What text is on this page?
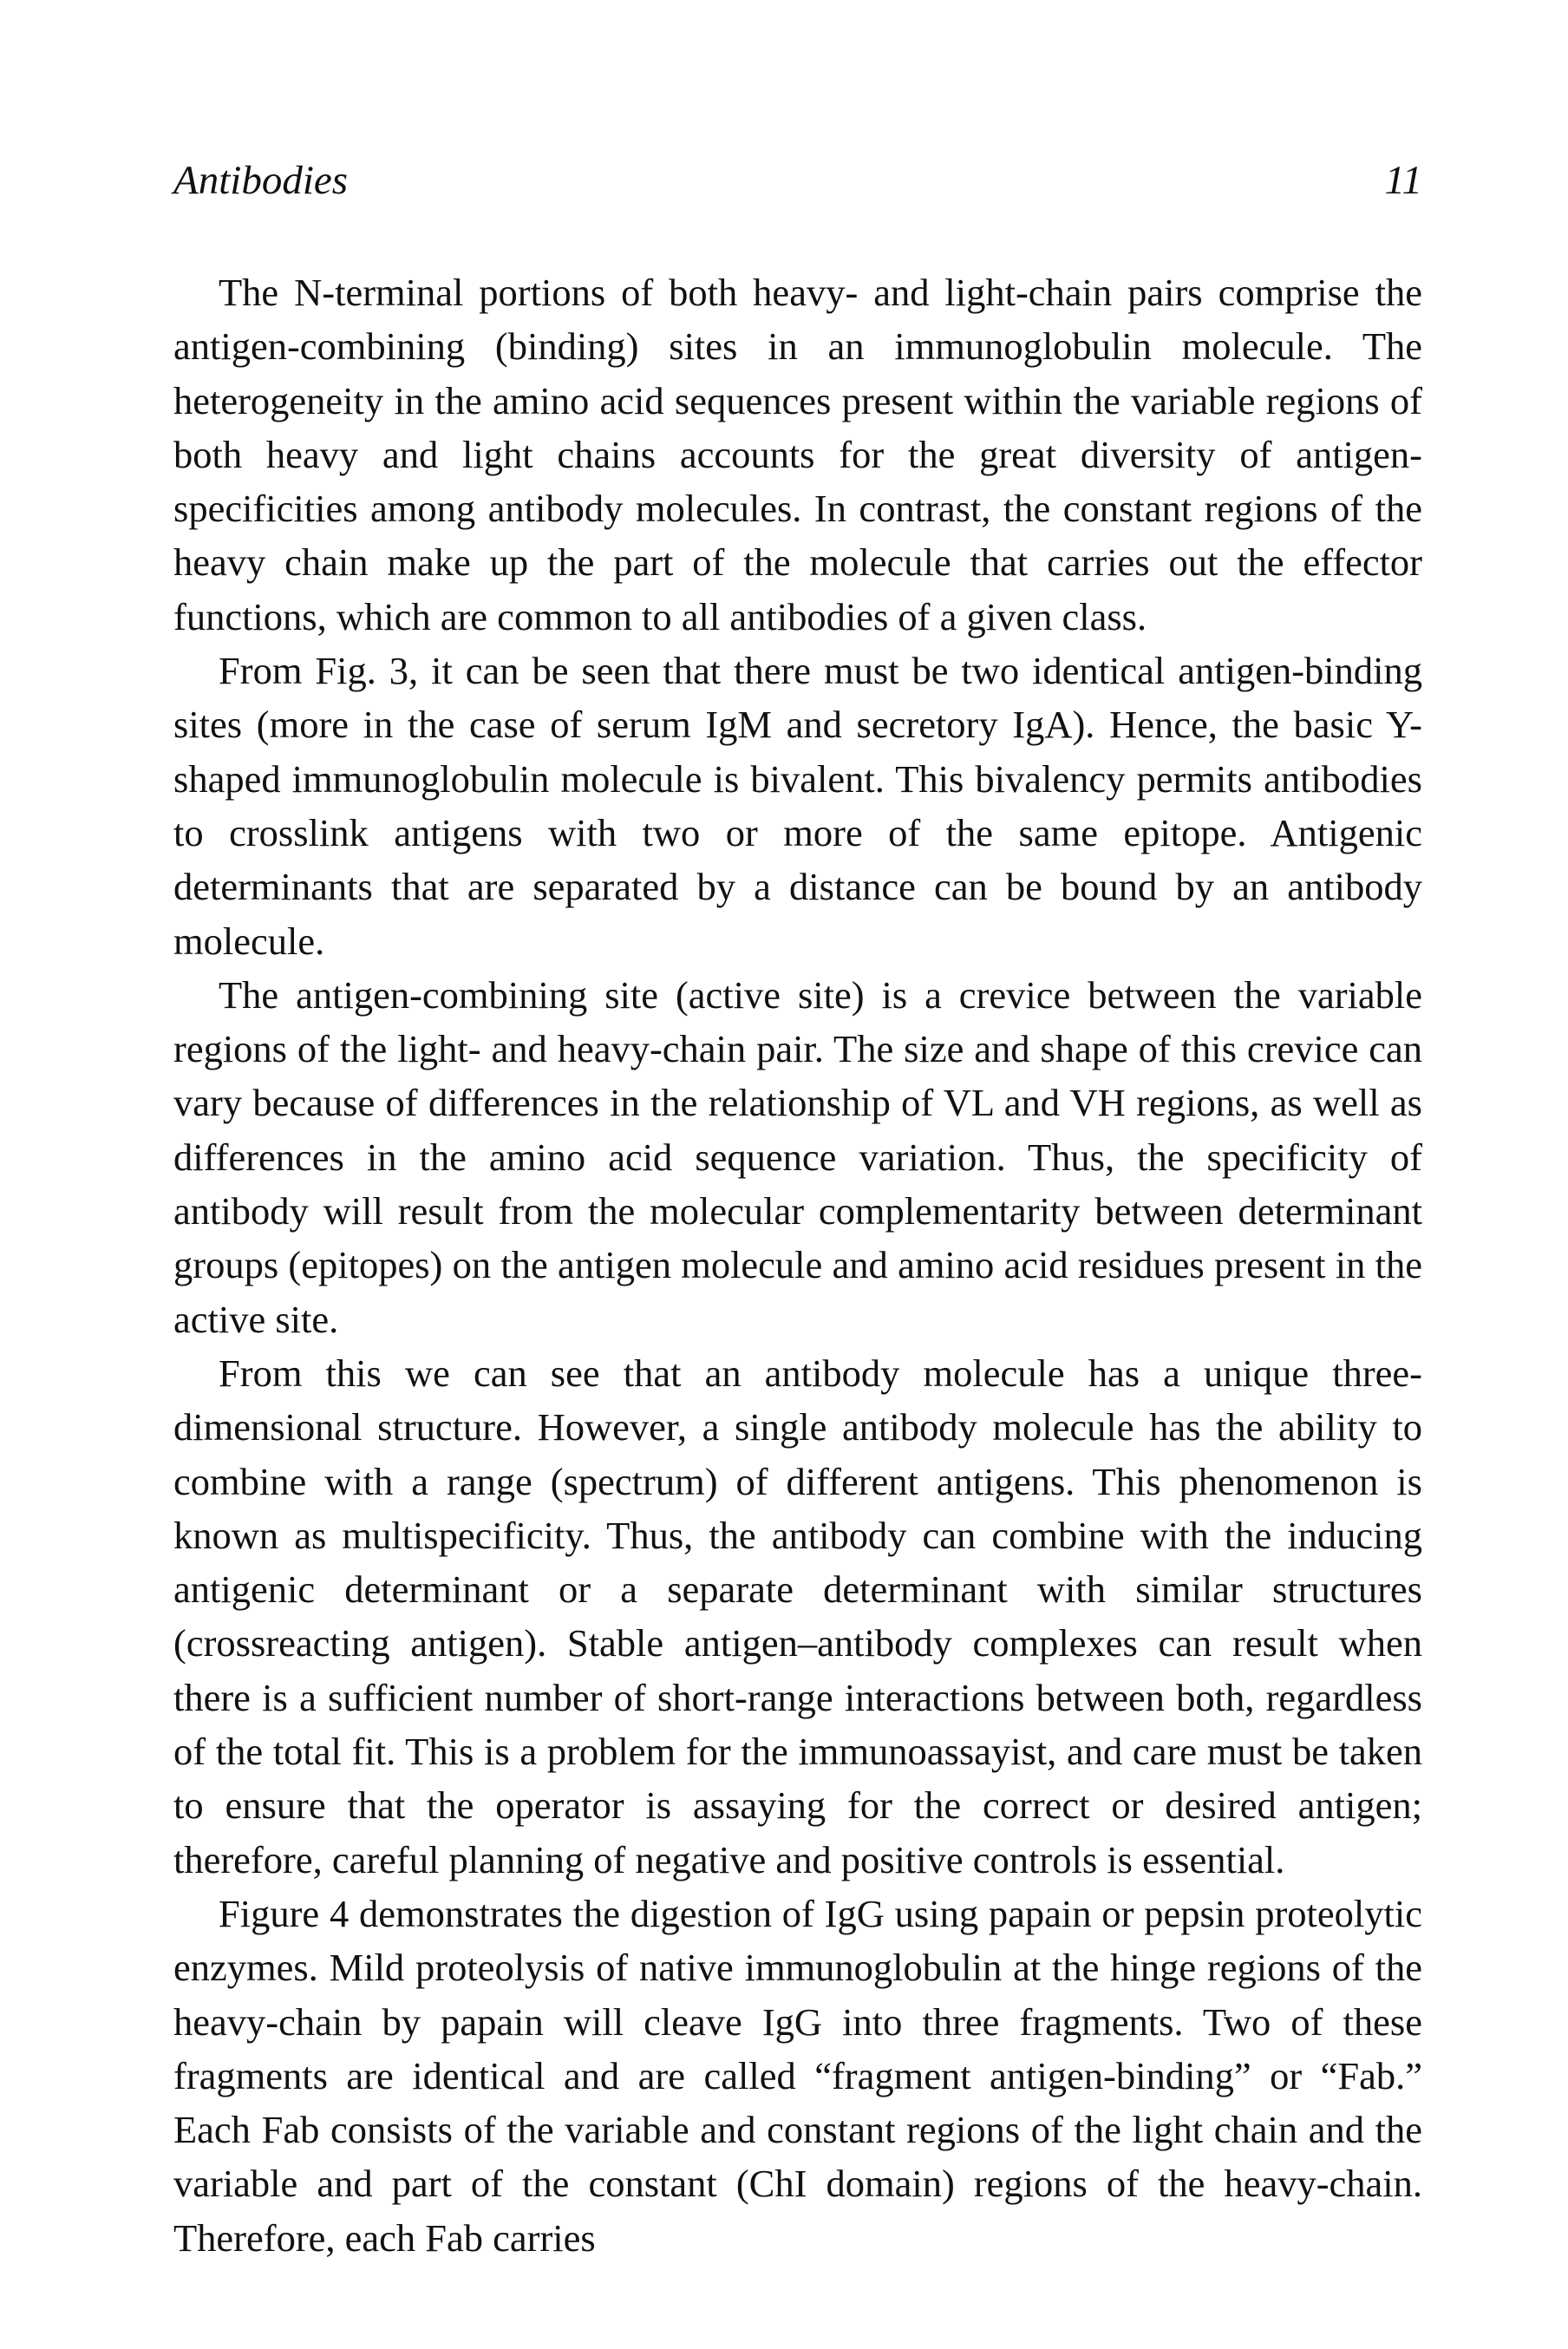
Antibodies	11

The N-terminal portions of both heavy- and light-chain pairs comprise the antigen-combining (binding) sites in an immunoglobulin molecule. The heterogeneity in the amino acid sequences present within the variable regions of both heavy and light chains accounts for the great diversity of antigen-specificities among antibody molecules. In contrast, the constant regions of the heavy chain make up the part of the molecule that carries out the effector functions, which are common to all antibodies of a given class.

From Fig. 3, it can be seen that there must be two identical antigen-binding sites (more in the case of serum IgM and secretory IgA). Hence, the basic Y-shaped immunoglobulin molecule is bivalent. This bivalency permits antibodies to crosslink antigens with two or more of the same epitope. Antigenic determinants that are separated by a distance can be bound by an antibody molecule.

The antigen-combining site (active site) is a crevice between the variable regions of the light- and heavy-chain pair. The size and shape of this crevice can vary because of differences in the relationship of VL and VH regions, as well as differences in the amino acid sequence variation. Thus, the specificity of antibody will result from the molecular complementarity between determinant groups (epitopes) on the antigen molecule and amino acid residues present in the active site.

From this we can see that an antibody molecule has a unique three-dimensional structure. However, a single antibody molecule has the ability to combine with a range (spectrum) of different antigens. This phenomenon is known as multispecificity. Thus, the antibody can combine with the inducing antigenic determinant or a separate determinant with similar structures (crossreacting antigen). Stable antigen–antibody complexes can result when there is a sufficient number of short-range interactions between both, regardless of the total fit. This is a problem for the immunoassayist, and care must be taken to ensure that the operator is assaying for the correct or desired antigen; therefore, careful planning of negative and positive controls is essential.

Figure 4 demonstrates the digestion of IgG using papain or pepsin proteolytic enzymes. Mild proteolysis of native immunoglobulin at the hinge regions of the heavy-chain by papain will cleave IgG into three fragments. Two of these fragments are identical and are called “fragment antigen-binding” or “Fab.” Each Fab consists of the variable and constant regions of the light chain and the variable and part of the constant (ChI domain) regions of the heavy-chain. Therefore, each Fab carries
